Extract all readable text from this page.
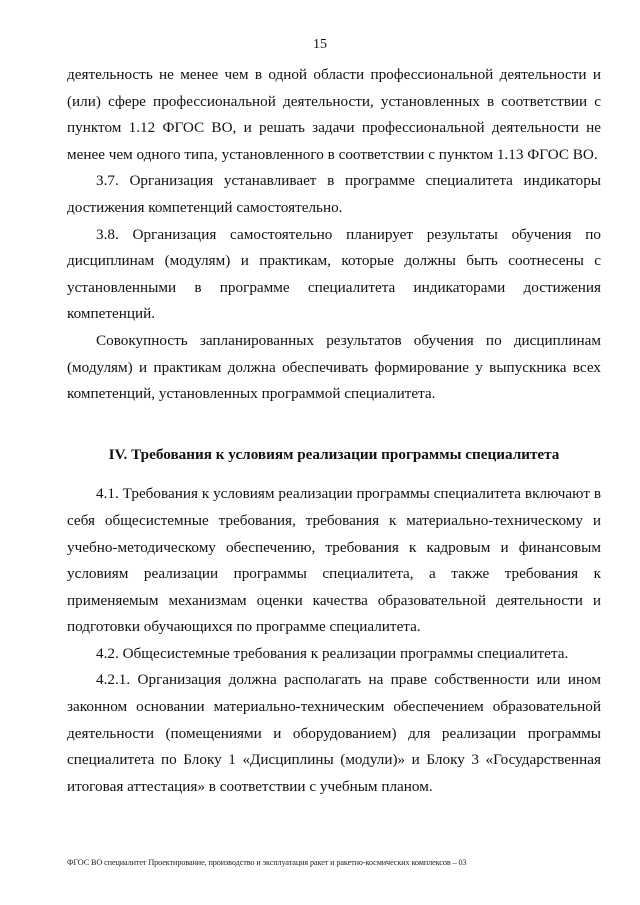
15

деятельность не менее чем в одной области профессиональной деятельности и (или) сфере профессиональной деятельности, установленных в соответствии с пунктом 1.12 ФГОС ВО, и решать задачи профессиональной деятельности не менее чем одного типа, установленного в соответствии с пунктом 1.13 ФГОС ВО.

3.7. Организация устанавливает в программе специалитета индикаторы достижения компетенций самостоятельно.

3.8. Организация самостоятельно планирует результаты обучения по дисциплинам (модулям) и практикам, которые должны быть соотнесены с установленными в программе специалитета индикаторами достижения компетенций.

Совокупность запланированных результатов обучения по дисциплинам (модулям) и практикам должна обеспечивать формирование у выпускника всех компетенций, установленных программой специалитета.

IV. Требования к условиям реализации программы специалитета

4.1. Требования к условиям реализации программы специалитета включают в себя общесистемные требования, требования к материально-техническому и учебно-методическому обеспечению, требования к кадровым и финансовым условиям реализации программы специалитета, а также требования к применяемым механизмам оценки качества образовательной деятельности и подготовки обучающихся по программе специалитета.

4.2. Общесистемные требования к реализации программы специалитета.

4.2.1. Организация должна располагать на праве собственности или ином законном основании материально-техническим обеспечением образовательной деятельности (помещениями и оборудованием) для реализации программы специалитета по Блоку 1 «Дисциплины (модули)» и Блоку 3 «Государственная итоговая аттестация» в соответствии с учебным планом.

ФГОС ВО специалитет Проектирование, производство и эксплуатация ракет и ракетно-космических комплексов – 03
